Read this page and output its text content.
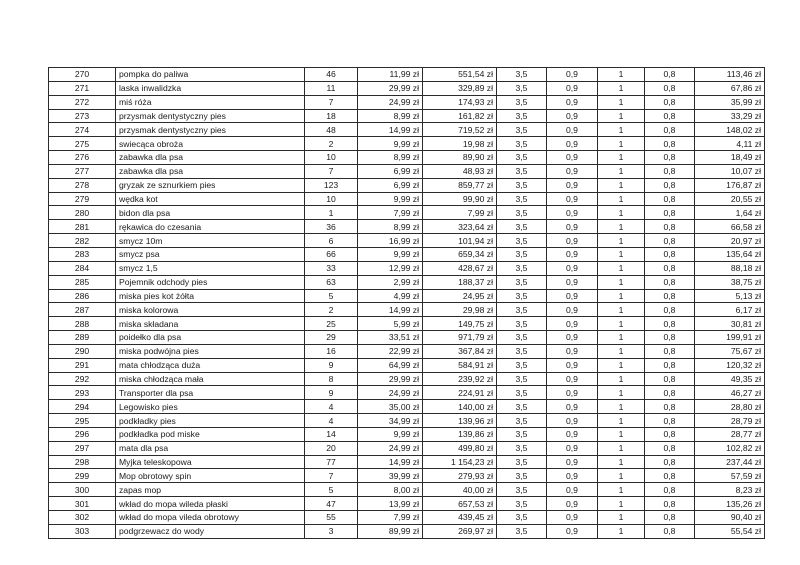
270	pompka do paliwa	46	11,99 zł	551,54 zł	3,5	0,9	1	0,8	113,46 zł
271	laska inwalidzka	11	29,99 zł	329,89 zł	3,5	0,9	1	0,8	67,86 zł
272	miś róża	7	24,99 zł	174,93 zł	3,5	0,9	1	0,8	35,99 zł
273	przysmak dentystyczny pies	18	8,99 zł	161,82 zł	3,5	0,9	1	0,8	33,29 zł
274	przysmak dentystyczny pies	48	14,99 zł	719,52 zł	3,5	0,9	1	0,8	148,02 zł
275	swiecąca obroża	2	9,99 zł	19,98 zł	3,5	0,9	1	0,8	4,11 zł
276	zabawka dla psa	10	8,99 zł	89,90 zł	3,5	0,9	1	0,8	18,49 zł
277	zabawka dla psa	7	6,99 zł	48,93 zł	3,5	0,9	1	0,8	10,07 zł
278	gryzak ze sznurkiem pies	123	6,99 zł	859,77 zł	3,5	0,9	1	0,8	176,87 zł
279	wędka kot	10	9,99 zł	99,90 zł	3,5	0,9	1	0,8	20,55 zł
280	bidon dla psa	1	7,99 zł	7,99 zł	3,5	0,9	1	0,8	1,64 zł
281	rękawica do czesania	36	8,99 zł	323,64 zł	3,5	0,9	1	0,8	66,58 zł
282	smycz 10m	6	16,99 zł	101,94 zł	3,5	0,9	1	0,8	20,97 zł
283	smycz psa	66	9,99 zł	659,34 zł	3,5	0,9	1	0,8	135,64 zł
284	smycz 1,5	33	12,99 zł	428,67 zł	3,5	0,9	1	0,8	88,18 zł
285	Pojemnik odchody pies	63	2,99 zł	188,37 zł	3,5	0,9	1	0,8	38,75 zł
286	miska pies kot żółta	5	4,99 zł	24,95 zł	3,5	0,9	1	0,8	5,13 zł
287	miska kolorowa	2	14,99 zł	29,98 zł	3,5	0,9	1	0,8	6,17 zł
288	miska składana	25	5,99 zł	149,75 zł	3,5	0,9	1	0,8	30,81 zł
289	poidełko dla psa	29	33,51 zł	971,79 zł	3,5	0,9	1	0,8	199,91 zł
290	miska podwójna pies	16	22,99 zł	367,84 zł	3,5	0,9	1	0,8	75,67 zł
291	mata chłodząca duża	9	64,99 zł	584,91 zł	3,5	0,9	1	0,8	120,32 zł
292	miska chłodząca mała	8	29,99 zł	239,92 zł	3,5	0,9	1	0,8	49,35 zł
293	Transporter dla psa	9	24,99 zł	224,91 zł	3,5	0,9	1	0,8	46,27 zł
294	Legowisko pies	4	35,00 zł	140,00 zł	3,5	0,9	1	0,8	28,80 zł
295	podkładky pies	4	34,99 zł	139,96 zł	3,5	0,9	1	0,8	28,79 zł
296	podkładka pod miske	14	9,99 zł	139,86 zł	3,5	0,9	1	0,8	28,77 zł
297	mata dla psa	20	24,99 zł	499,80 zł	3,5	0,9	1	0,8	102,82 zł
298	Myjka teleskopowa	77	14,99 zł	1 154,23 zł	3,5	0,9	1	0,8	237,44 zł
299	Mop obrotowy spin	7	39,99 zł	279,93 zł	3,5	0,9	1	0,8	57,59 zł
300	zapas mop	5	8,00 zł	40,00 zł	3,5	0,9	1	0,8	8,23 zł
301	wkład do mopa wileda płaski	47	13,99 zł	657,53 zł	3,5	0,9	1	0,8	135,26 zł
302	wkład do mopa vileda obrotowy	55	7,99 zł	439,45 zł	3,5	0,9	1	0,8	90,40 zł
303	podgrzewacz do wody	3	89,99 zł	269,97 zł	3,5	0,9	1	0,8	55,54 zł
